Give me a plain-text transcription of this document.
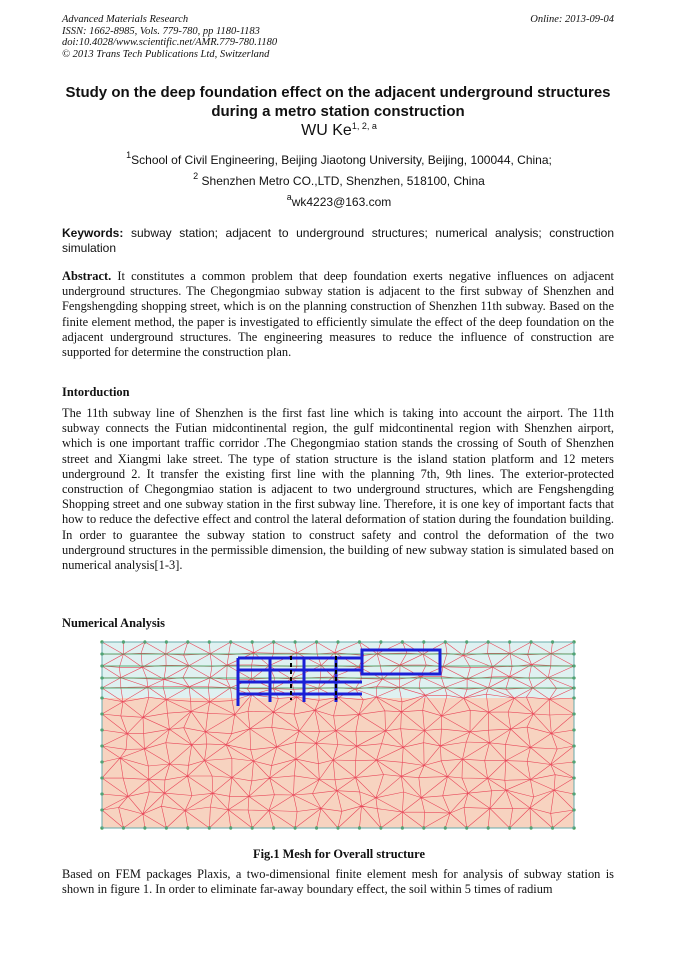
Advanced Materials Research
ISSN: 1662-8985, Vols. 779-780, pp 1180-1183
doi:10.4028/www.scientific.net/AMR.779-780.1180
© 2013 Trans Tech Publications Ltd, Switzerland
Online: 2013-09-04
Study on the deep foundation effect on the adjacent underground structures during a metro station construction
WU Ke$^{1, 2, a}$
$^1$School of Civil Engineering, Beijing Jiaotong University, Beijing, 100044, China;
$^2$ Shenzhen Metro CO.,LTD, Shenzhen, 518100, China
$^a$wk4223@163.com
Keywords: subway station; adjacent to underground structures; numerical analysis; construction simulation
Abstract. It constitutes a common problem that deep foundation exerts negative influences on adjacent underground structures. The Chegongmiao subway station is adjacent to the first subway of Shenzhen and Fengshengding shopping street, which is on the planning construction of Shenzhen 11th subway. Based on the finite element method, the paper is investigated to efficiently simulate the effect of the deep foundation on the adjacent underground structures. The engineering measures to reduce the influence of construction are supported for determine the construction plan.
Intorduction
The 11th subway line of Shenzhen is the first fast line which is taking into account the airport. The 11th subway connects the Futian midcontinental region, the gulf midcontinental region with Shenzhen airport, which is one important traffic corridor .The Chegongmiao station stands the crossing of South of Shenzhen street and Xiangmi lake street. The type of station structure is the island station platform and 12 meters underground 2. It transfer the existing first line with the planning 7th, 9th lines. The exterior-protected construction of Chegongmiao station is adjacent to two underground structures, which are Fengshengding Shopping street and one subway station in the first subway line. Therefore, it is one key of important facts that how to reduce the defective effect and control the lateral deformation of station during the foundation building. In order to guarantee the subway station to construct safety and control the deformation of the two underground structures in the permissible dimension, the building of new subway station is simulated based on numerical analysis[1-3].
Numerical Analysis
Fig.1 Mesh for Overall structure
Based on FEM packages Plaxis, a two-dimensional finite element mesh for analysis of subway station is shown in figure 1. In order to eliminate far-away boundary effect, the soil within 5 times of radium
